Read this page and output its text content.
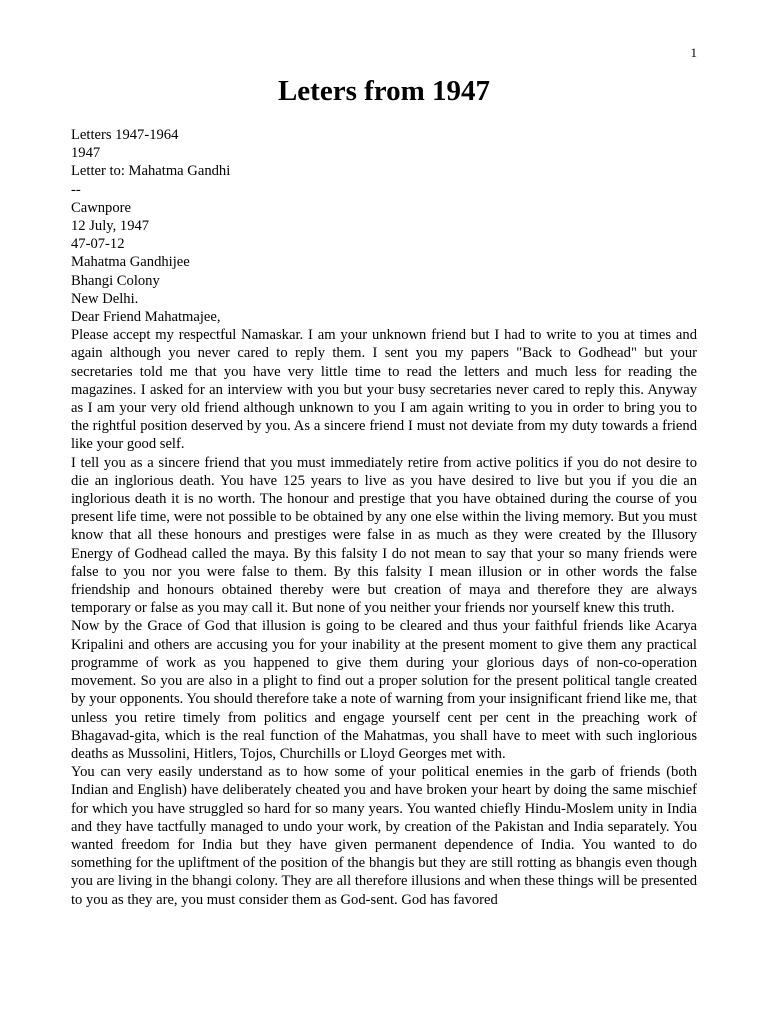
1
Leters from 1947
Letters 1947-1964
1947
Letter to: Mahatma Gandhi
--
Cawnpore
12 July, 1947
47-07-12
Mahatma Gandhijee
Bhangi Colony
New Delhi.
Dear Friend Mahatmajee,

Please accept my respectful Namaskar. I am your unknown friend but I had to write to you at times and again although you never cared to reply them. I sent you my papers "Back to Godhead" but your secretaries told me that you have very little time to read the letters and much less for reading the magazines. I asked for an interview with you but your busy secretaries never cared to reply this. Anyway as I am your very old friend although unknown to you I am again writing to you in order to bring you to the rightful position deserved by you. As a sincere friend I must not deviate from my duty towards a friend like your good self.

I tell you as a sincere friend that you must immediately retire from active politics if you do not desire to die an inglorious death. You have 125 years to live as you have desired to live but you if you die an inglorious death it is no worth. The honour and prestige that you have obtained during the course of you present life time, were not possible to be obtained by any one else within the living memory. But you must know that all these honours and prestiges were false in as much as they were created by the Illusory Energy of Godhead called the maya. By this falsity I do not mean to say that your so many friends were false to you nor you were false to them. By this falsity I mean illusion or in other words the false friendship and honours obtained thereby were but creation of maya and therefore they are always temporary or false as you may call it. But none of you neither your friends nor yourself knew this truth.

Now by the Grace of God that illusion is going to be cleared and thus your faithful friends like Acarya Kripalini and others are accusing you for your inability at the present moment to give them any practical programme of work as you happened to give them during your glorious days of non-co-operation movement. So you are also in a plight to find out a proper solution for the present political tangle created by your opponents. You should therefore take a note of warning from your insignificant friend like me, that unless you retire timely from politics and engage yourself cent per cent in the preaching work of Bhagavad-gita, which is the real function of the Mahatmas, you shall have to meet with such inglorious deaths as Mussolini, Hitlers, Tojos, Churchills or Lloyd Georges met with.

You can very easily understand as to how some of your political enemies in the garb of friends (both Indian and English) have deliberately cheated you and have broken your heart by doing the same mischief for which you have struggled so hard for so many years. You wanted chiefly Hindu-Moslem unity in India and they have tactfully managed to undo your work, by creation of the Pakistan and India separately. You wanted freedom for India but they have given permanent dependence of India. You wanted to do something for the upliftment of the position of the bhangis but they are still rotting as bhangis even though you are living in the bhangi colony. They are all therefore illusions and when these things will be presented to you as they are, you must consider them as God-sent. God has favored
